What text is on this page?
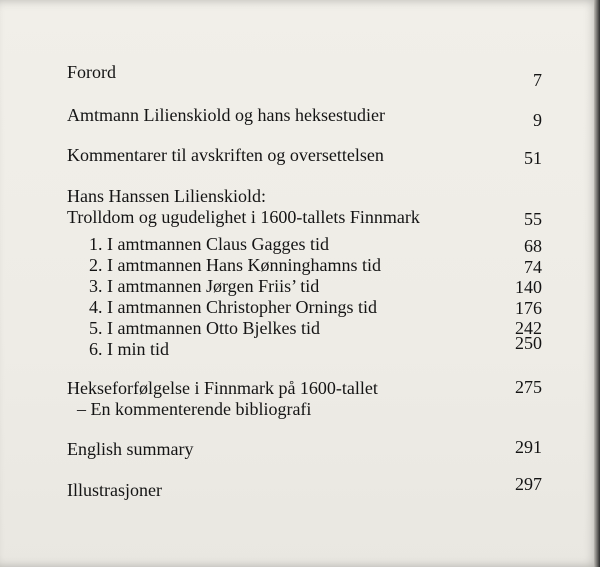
Forord	7
Amtmann Lilienskiold og hans heksestudier	9
Kommentarer til avskriften og oversettelsen	51
Hans Hanssen Lilienskiold:
Trolldom og ugudelighet i 1600-tallets Finnmark	55
1. I amtmannen Claus Gagges tid	68
2. I amtmannen Hans Kønninghamns tid	74
3. I amtmannen Jørgen Friis’ tid	140
4. I amtmannen Christopher Ornings tid	176
5. I amtmannen Otto Bjelkes tid	242
6. I min tid	250
Hekseforfølgelse i Finnmark på 1600-tallet	275
– En kommenterende bibliografi
English summary	291
Illustrasjoner	297
